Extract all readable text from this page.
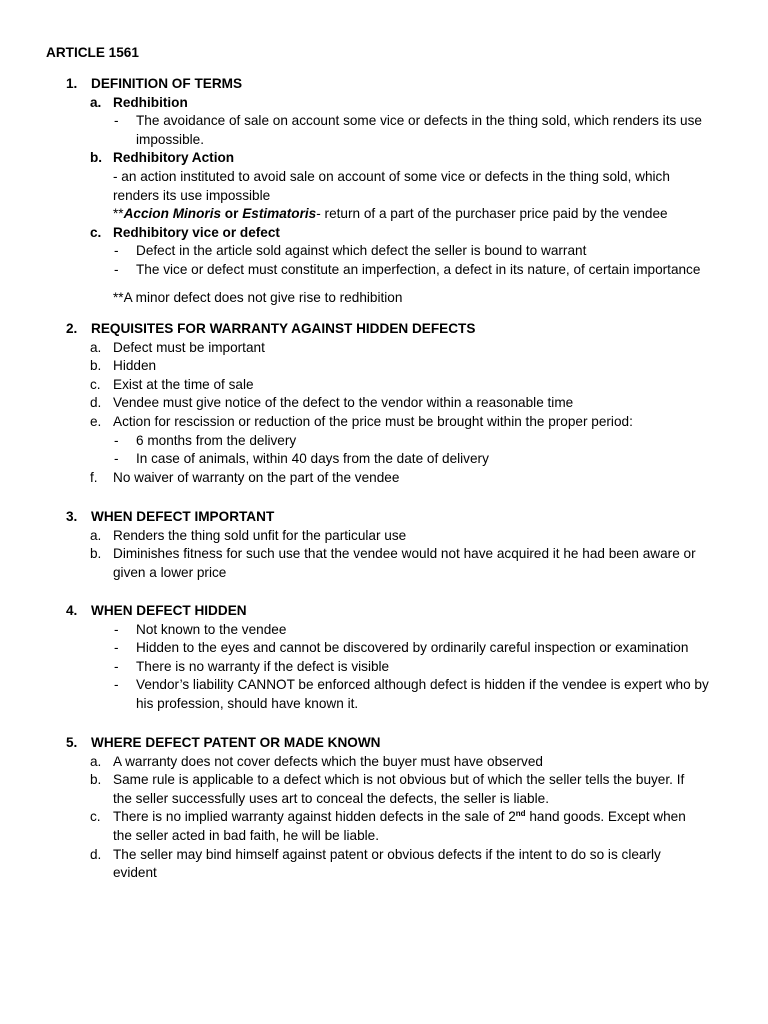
ARTICLE 1561
1. DEFINITION OF TERMS
a. Redhibition
- The avoidance of sale on account some vice or defects in the thing sold, which renders its use
impossible.
b. Redhibitory Action
- an action instituted to avoid sale on account of some vice or defects in the thing sold, which
renders its use impossible
**Accion Minoris or Estimatoris- return of a part of the purchaser price paid by the vendee
c. Redhibitory vice or defect
- Defect in the article sold against which defect the seller is bound to warrant
- The vice or defect must constitute an imperfection, a defect in its nature, of certain importance
**A minor defect does not give rise to redhibition
2. REQUISITES FOR WARRANTY AGAINST HIDDEN DEFECTS
a. Defect must be important
b. Hidden
c. Exist at the time of sale
d. Vendee must give notice of the defect to the vendor within a reasonable time
e. Action for rescission or reduction of the price must be brought within the proper period:
- 6 months from the delivery
- In case of animals, within 40 days from the date of delivery
f. No waiver of warranty on the part of the vendee
3. WHEN DEFECT IMPORTANT
a. Renders the thing sold unfit for the particular use
b. Diminishes fitness for such use that the vendee would not have acquired it he had been aware or
given a lower price
4. WHEN DEFECT HIDDEN
- Not known to the vendee
- Hidden to the eyes and cannot be discovered by ordinarily careful inspection or examination
- There is no warranty if the defect is visible
- Vendor’s liability CANNOT be enforced although defect is hidden if the vendee is expert who by
his profession, should have known it.
5. WHERE DEFECT PATENT OR MADE KNOWN
a. A warranty does not cover defects which the buyer must have observed
b. Same rule is applicable to a defect which is not obvious but of which the seller tells the buyer. If
the seller successfully uses art to conceal the defects, the seller is liable.
c. There is no implied warranty against hidden defects in the sale of 2nd hand goods. Except when
the seller acted in bad faith, he will be liable.
d. The seller may bind himself against patent or obvious defects if the intent to do so is clearly
evident
